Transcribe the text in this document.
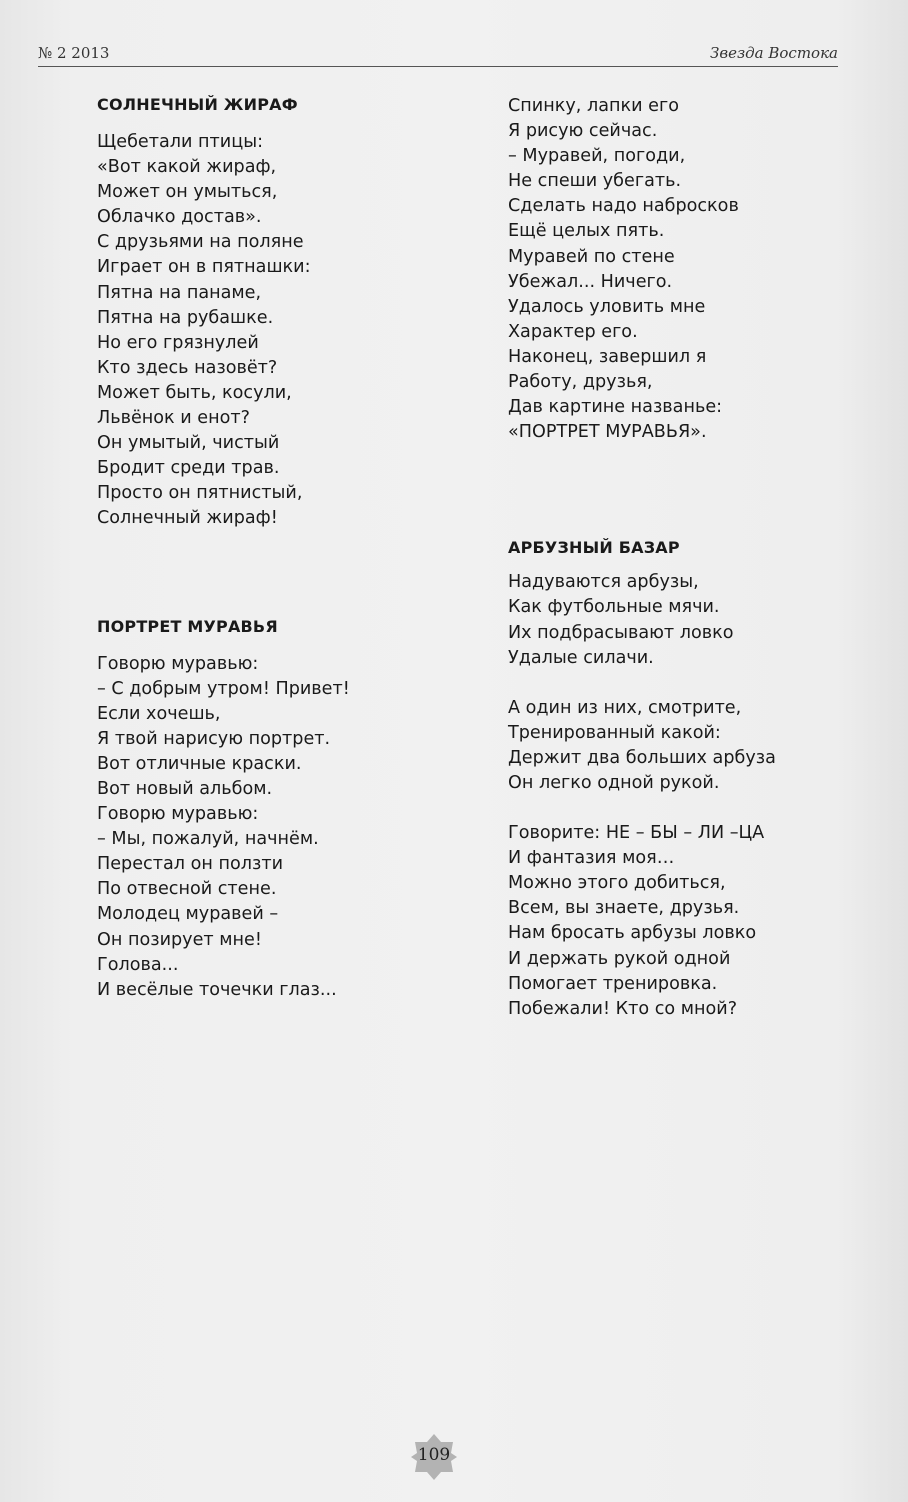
№ 2 2013	Звезда Востока
СОЛНЕЧНЫЙ ЖИРАФ
Щебетали птицы:
«Вот какой жираф,
Может он умыться,
Облачко достав».
С друзьями на поляне
Играет он в пятнашки:
Пятна на панаме,
Пятна на рубашке.
Но его грязнулей
Кто здесь назовёт?
Может быть, косули,
Львёнок и енот?
Он умытый, чистый
Бродит среди трав.
Просто он пятнистый,
Солнечный жираф!
ПОРТРЕТ МУРАВЬЯ
Говорю муравью:
– С добрым утром! Привет!
Если хочешь,
Я твой нарисую портрет.
Вот отличные краски.
Вот новый альбом.
Говорю муравью:
– Мы, пожалуй, начнём.
Перестал он ползти
По отвесной стене.
Молодец муравей –
Он позирует мне!
Голова...
И весёлые точечки глаз...
Спинку, лапки его
Я рисую сейчас.
– Муравей, погоди,
Не спеши убегать.
Сделать надо набросков
Ещё целых пять.
Муравей по стене
Убежал... Ничего.
Удалось уловить мне
Характер его.
Наконец, завершил я
Работу, друзья,
Дав картине названье:
«ПОРТРЕТ МУРАВЬЯ».
АРБУЗНЫЙ БАЗАР
Надуваются арбузы,
Как футбольные мячи.
Их подбрасывают ловко
Удалые силачи.
А один из них, смотрите,
Тренированный какой:
Держит два больших арбуза
Он легко одной рукой.
Говорите: НЕ – БЫ – ЛИ –ЦА
И фантазия моя…
Можно этого добиться,
Всем, вы знаете, друзья.
Нам бросать арбузы ловко
И держать рукой одной
Помогает тренировка.
Побежали! Кто со мной?
109
